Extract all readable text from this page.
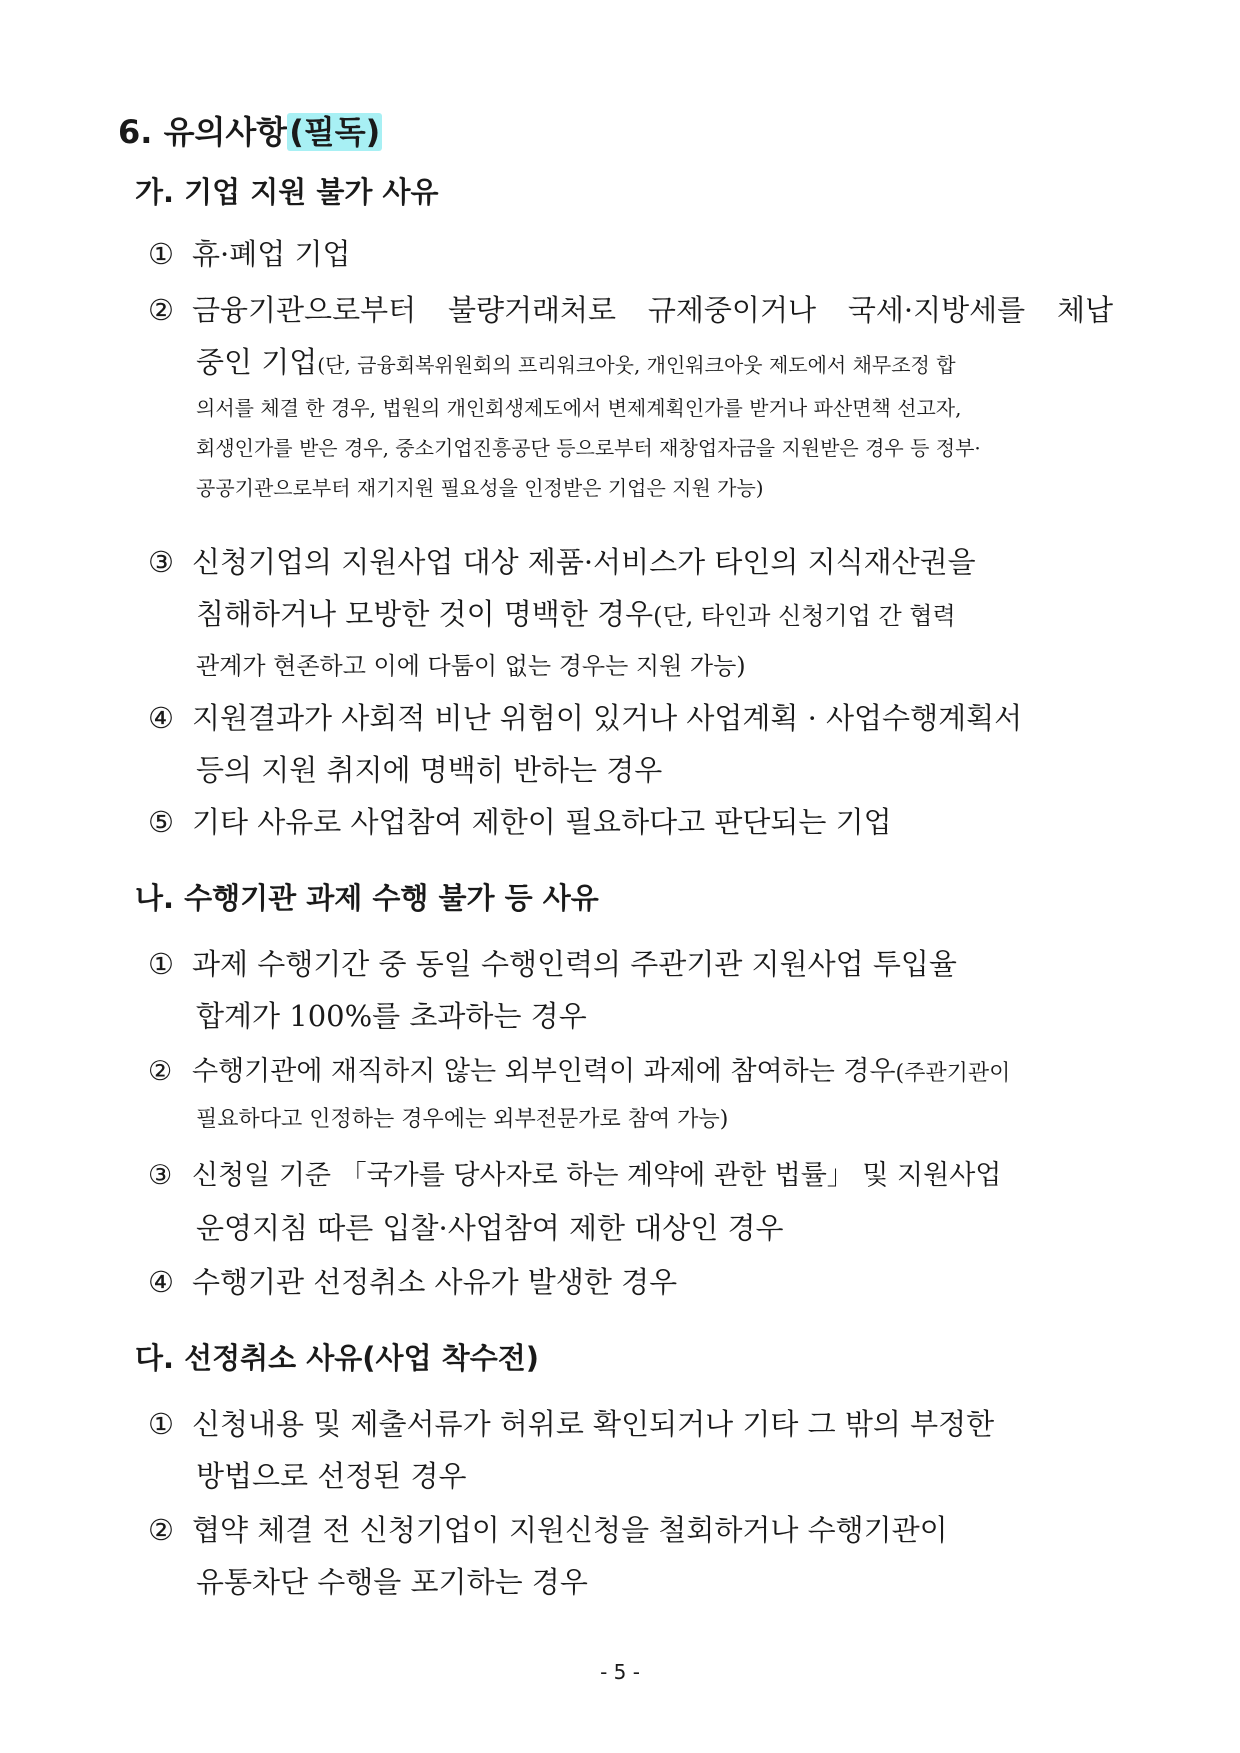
6. 유의사항(필독)
가. 기업 지원 불가 사유
① 휴·폐업 기업
② 금융기관으로부터 불량거래처로 규제중이거나 국세·지방세를 체납
중인 기업(단, 금융회복위원회의 프리워크아웃, 개인워크아웃 제도에서 채무조정 합
의서를 체결 한 경우, 법원의 개인회생제도에서 변제계획인가를 받거나 파산면책 선고자,
회생인가를 받은 경우, 중소기업진흥공단 등으로부터 재창업자금을 지원받은 경우 등 정부·
공공기관으로부터 재기지원 필요성을 인정받은 기업은 지원 가능)
③ 신청기업의 지원사업 대상 제품·서비스가 타인의 지식재산권을
침해하거나 모방한 것이 명백한 경우(단, 타인과 신청기업 간 협력
관계가 현존하고 이에 다툼이 없는 경우는 지원 가능)
④ 지원결과가 사회적 비난 위험이 있거나 사업계획 · 사업수행계획서
등의 지원 취지에 명백히 반하는 경우
⑤ 기타 사유로 사업참여 제한이 필요하다고 판단되는 기업
나. 수행기관 과제 수행 불가 등 사유
① 과제 수행기간 중 동일 수행인력의 주관기관 지원사업 투입율
합계가 100%를 초과하는 경우
② 수행기관에 재직하지 않는 외부인력이 과제에 참여하는 경우(주관기관이
필요하다고 인정하는 경우에는 외부전문가로 참여 가능)
③ 신청일 기준 「국가를 당사자로 하는 계약에 관한 법률」 및 지원사업
운영지침 따른 입찰·사업참여 제한 대상인 경우
④ 수행기관 선정취소 사유가 발생한 경우
다. 선정취소 사유(사업 착수전)
① 신청내용 및 제출서류가 허위로 확인되거나 기타 그 밖의 부정한
방법으로 선정된 경우
② 협약 체결 전 신청기업이 지원신청을 철회하거나 수행기관이
유통차단 수행을 포기하는 경우
- 5 -
